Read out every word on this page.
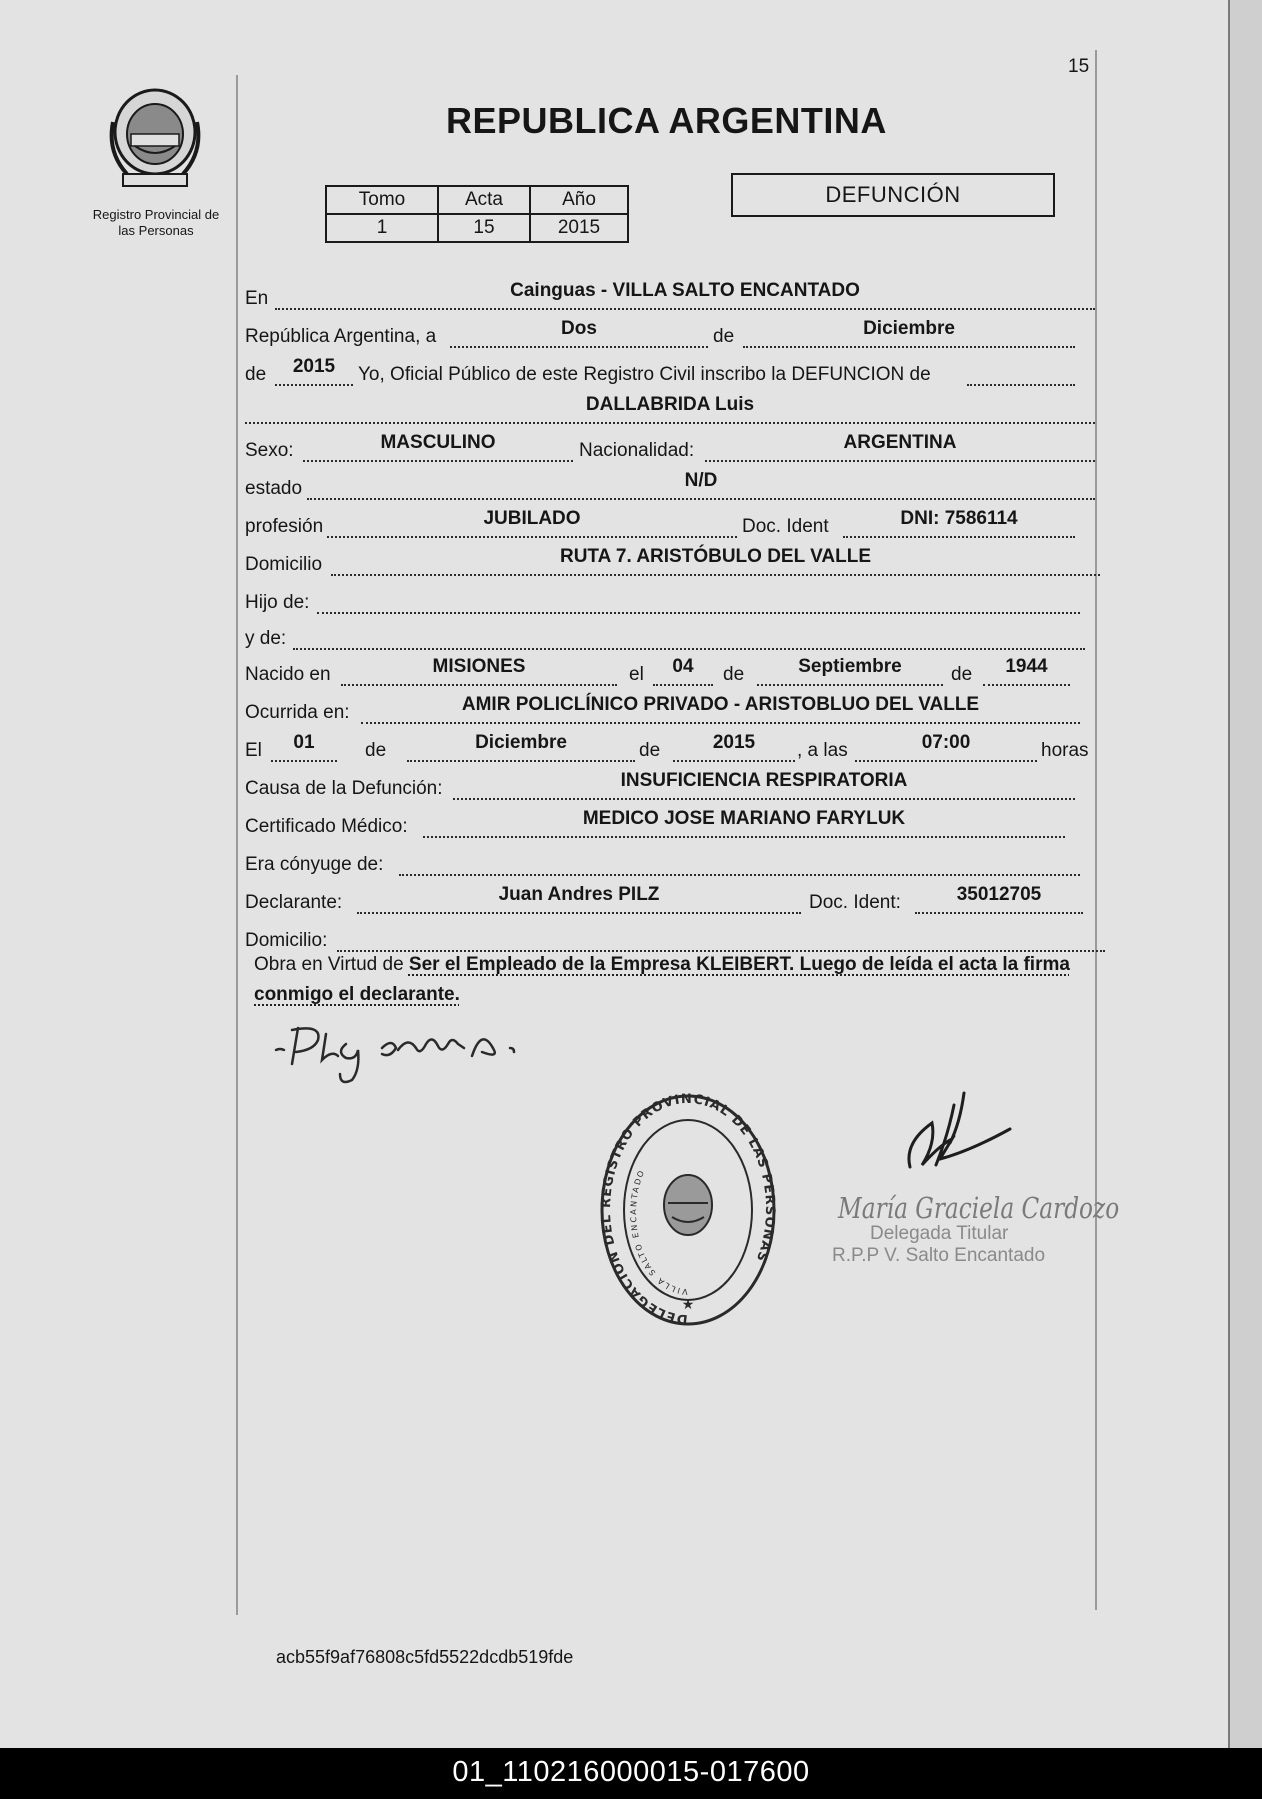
15
Registro Provincial de
las Personas
REPUBLICA ARGENTINA
Tomo	Acta	Año
1	15	2015
DEFUNCIÓN
En	Cainguas - VILLA SALTO ENCANTADO
República Argentina, a	Dos	de	Diciembre
de	2015	Yo, Oficial Público de este Registro Civil inscribo la DEFUNCION de
DALLABRIDA Luis
Sexo:	MASCULINO	Nacionalidad:	ARGENTINA
estado	N/D
profesión	JUBILADO	Doc. Ident	DNI: 7586114
Domicilio	RUTA 7. ARISTÓBULO DEL VALLE
Hijo de:
y de:
Nacido en	MISIONES	el	04	de	Septiembre	de	1944
Ocurrida en:	AMIR POLICLÍNICO PRIVADO - ARISTOBLUO DEL VALLE
El	01	de	Diciembre	de	2015	, a las	07:00	horas
Causa de la Defunción:	INSUFICIENCIA RESPIRATORIA
Certificado Médico:	MEDICO JOSE MARIANO FARYLUK
Era cónyuge de:
Declarante:	Juan Andres PILZ	Doc. Ident:	35012705
Domicilio:
Obra en Virtud de Ser el Empleado de la Empresa KLEIBERT. Luego de leída el acta la firma conmigo el declarante.
DELEGACION DEL REGISTRO PROVINCIAL DE LAS PERSONAS
VILLA SALTO ENCANTADO
★
María Graciela Cardozo
Delegada Titular
R.P.P V. Salto Encantado
acb55f9af76808c5fd5522dcdb519fde
01_110216000015-017600
